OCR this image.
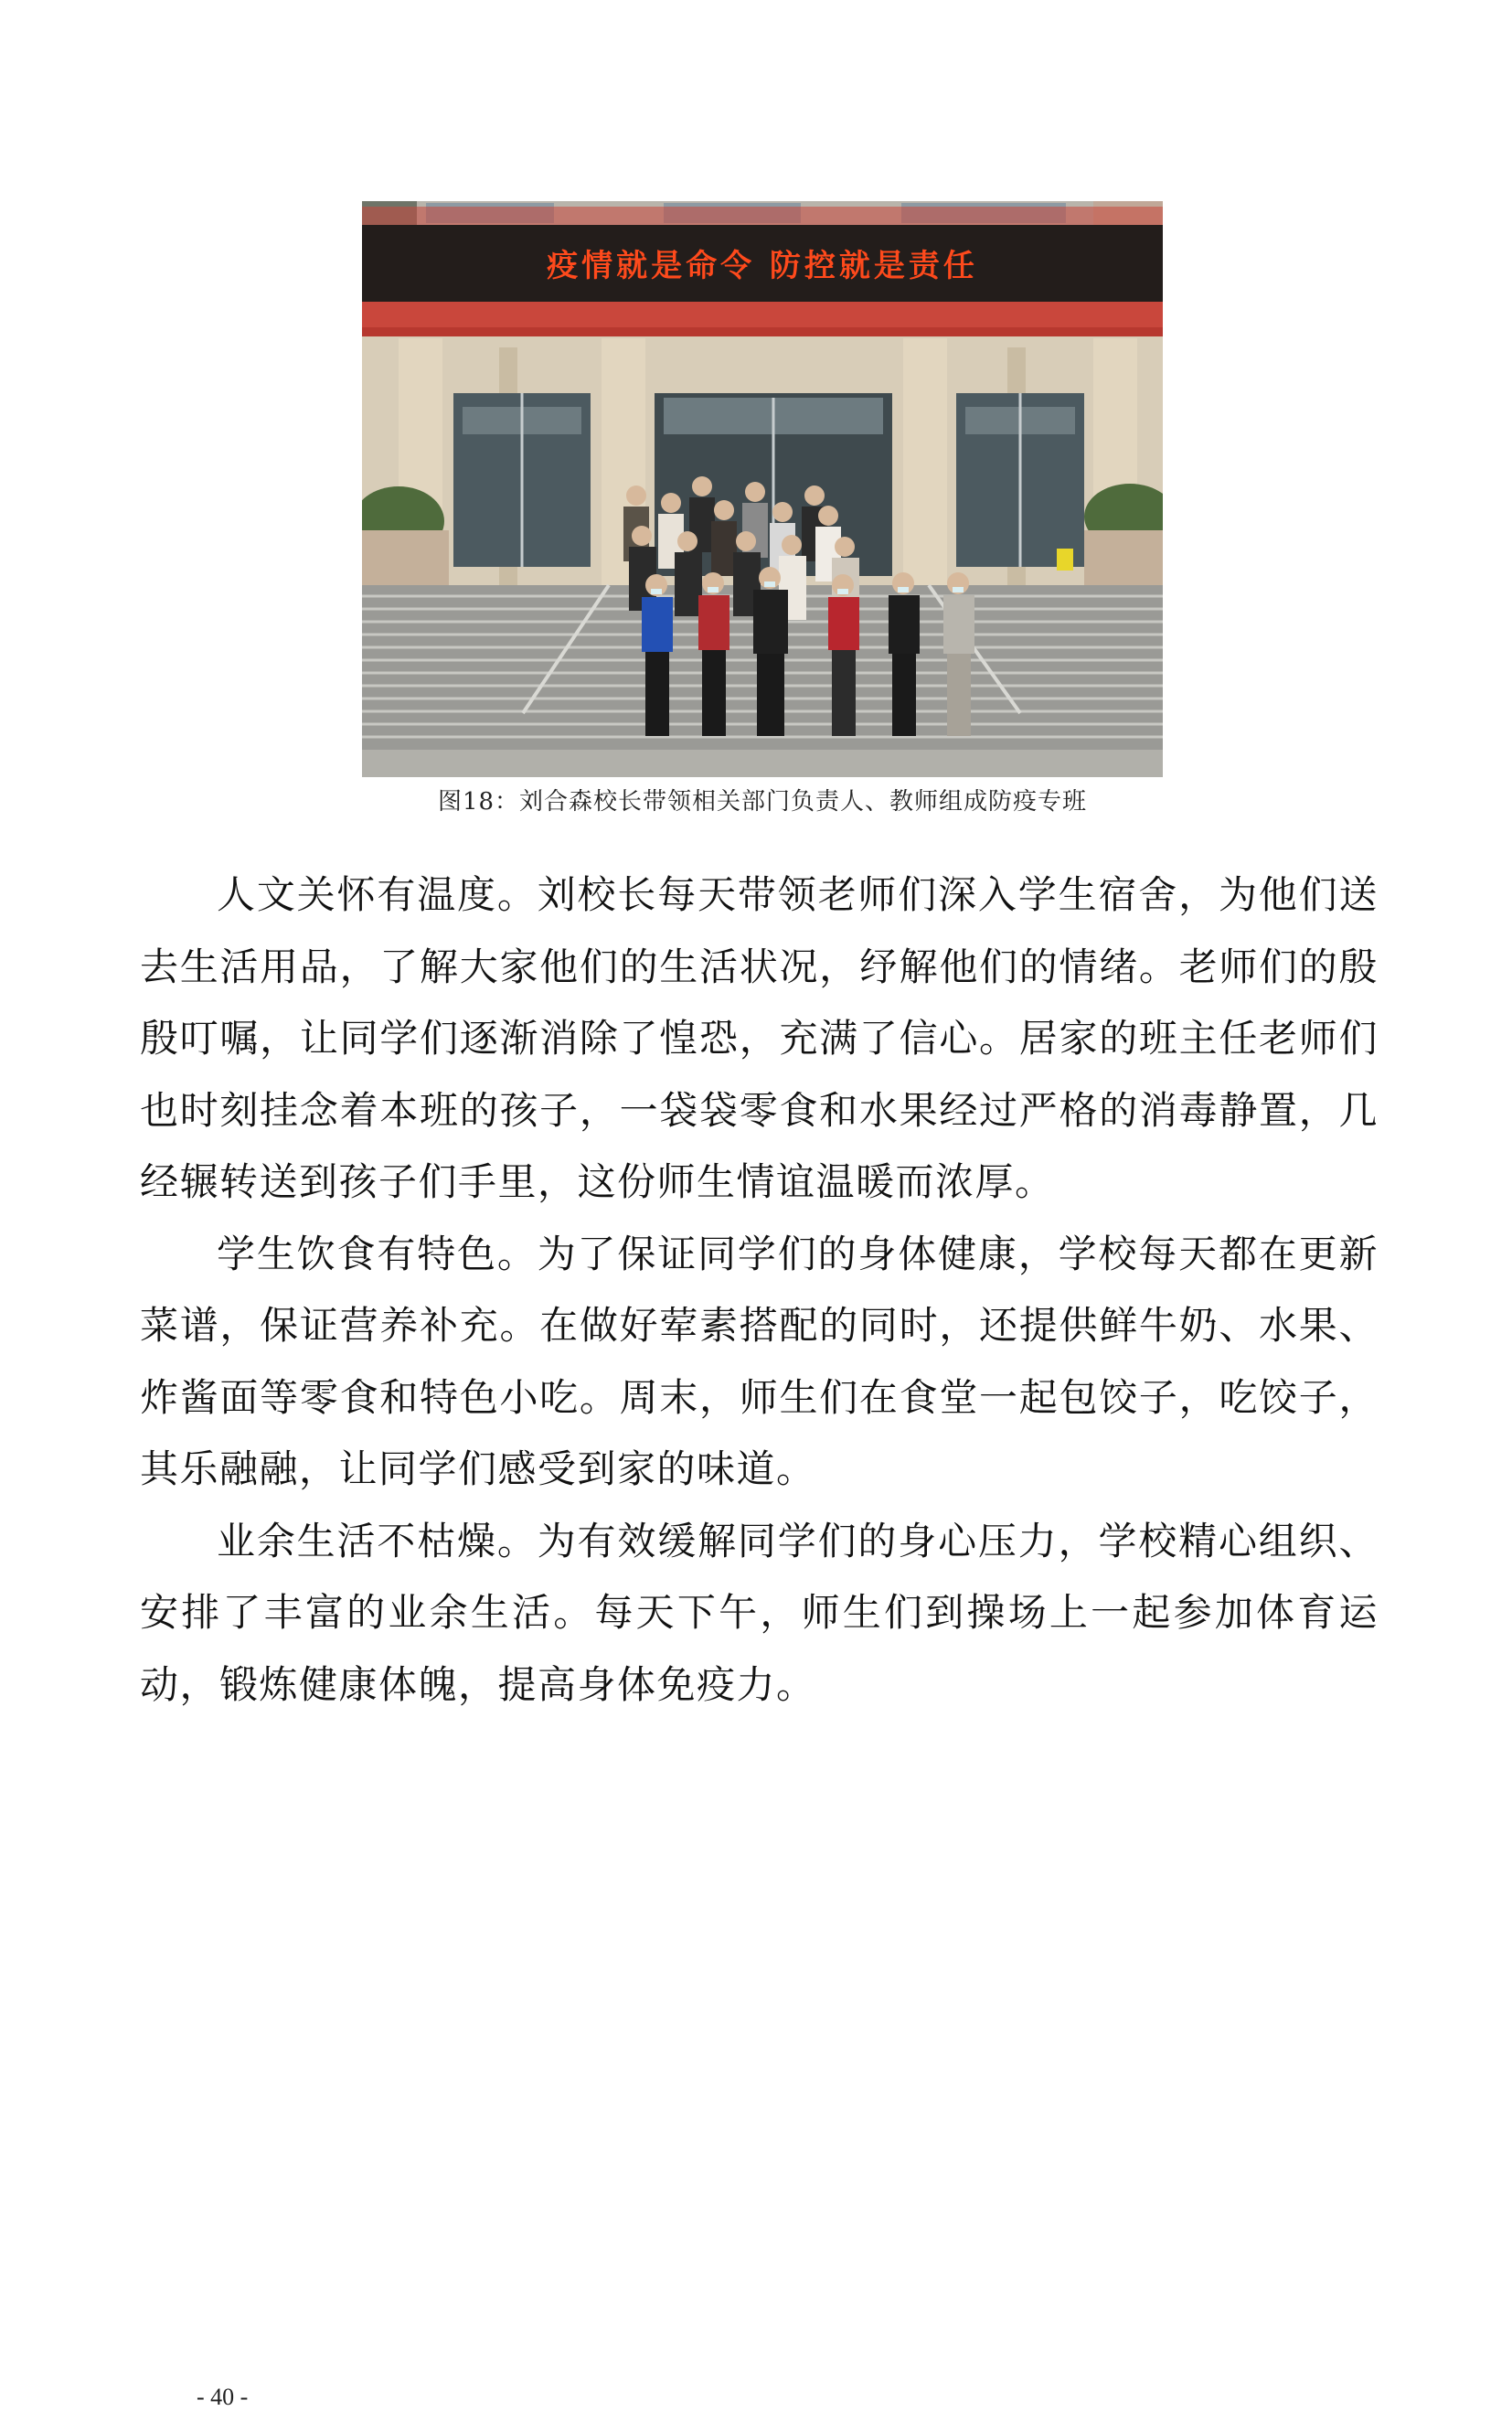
疫情就是命令 防控就是责任
图18：刘合森校长带领相关部门负责人、教师组成防疫专班

人文关怀有温度。刘校长每天带领老师们深入学生宿舍，为他们送去生活用品，了解大家他们的生活状况，纾解他们的情绪。老师们的殷殷叮嘱，让同学们逐渐消除了惶恐，充满了信心。居家的班主任老师们也时刻挂念着本班的孩子，一袋袋零食和水果经过严格的消毒静置，几经辗转送到孩子们手里，这份师生情谊温暖而浓厚。

学生饮食有特色。为了保证同学们的身体健康，学校每天都在更新菜谱，保证营养补充。在做好荤素搭配的同时，还提供鲜牛奶、水果、炸酱面等零食和特色小吃。周末，师生们在食堂一起包饺子，吃饺子，其乐融融，让同学们感受到家的味道。

业余生活不枯燥。为有效缓解同学们的身心压力，学校精心组织、安排了丰富的业余生活。每天下午，师生们到操场上一起参加体育运动，锻炼健康体魄，提高身体免疫力。

- 40 -
